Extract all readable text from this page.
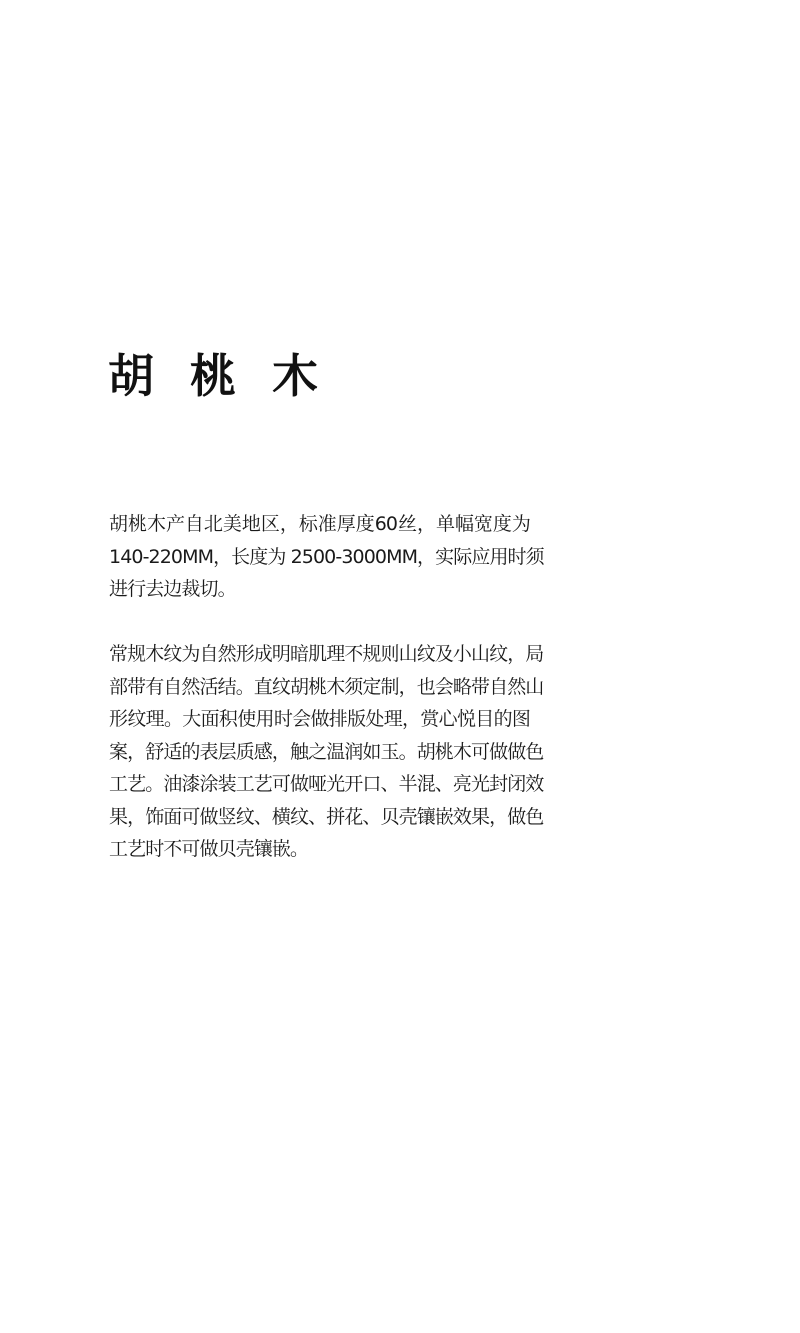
胡 桃 木
胡桃木产自北美地区，标准厚度60丝，单幅宽度为
140-220MM，长度为 2500-3000MM，实际应用时须
进行去边裁切。
常规木纹为自然形成明暗肌理不规则山纹及小山纹，局
部带有自然活结。直纹胡桃木须定制，也会略带自然山
形纹理。大面积使用时会做排版处理，赏心悦目的图
案，舒适的表层质感，触之温润如玉。胡桃木可做做色
工艺。油漆涂装工艺可做哑光开口、半混、亮光封闭效
果，饰面可做竖纹、横纹、拼花、贝壳镶嵌效果，做色
工艺时不可做贝壳镶嵌。
